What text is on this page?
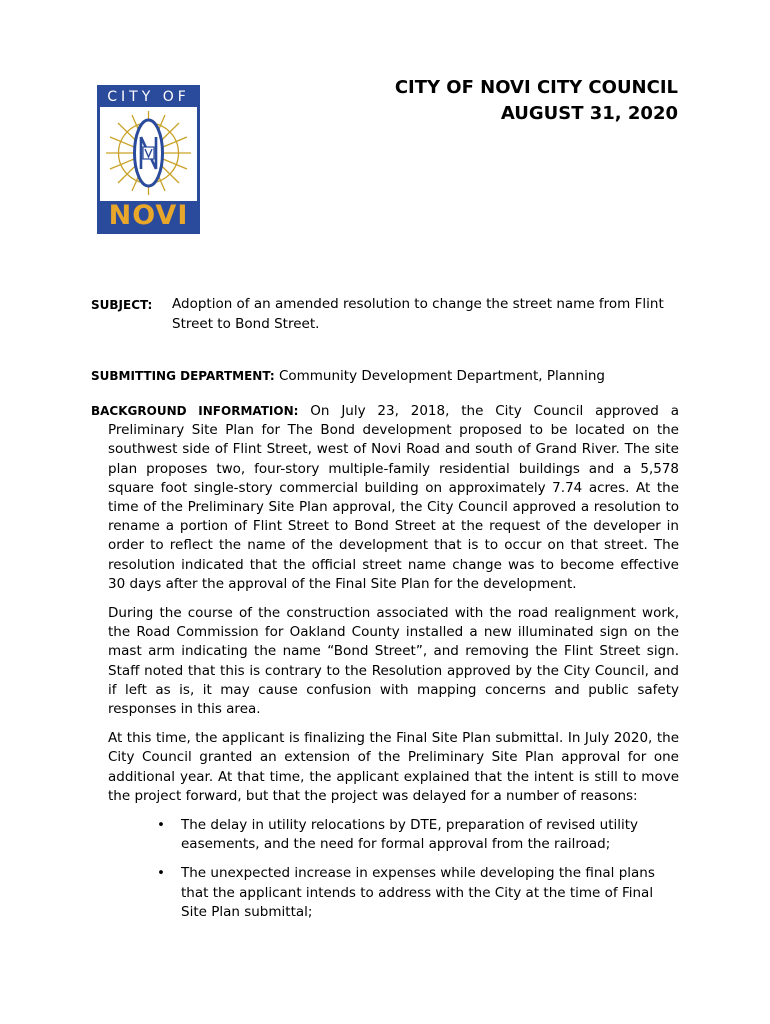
CITY OF
NOVI
CITY OF NOVI CITY COUNCIL
AUGUST 31, 2020
SUBJECT: Adoption of an amended resolution to change the street name from Flint Street to Bond Street.
SUBMITTING DEPARTMENT: Community Development Department, Planning

BACKGROUND INFORMATION: On July 23, 2018, the City Council approved a Preliminary Site Plan for The Bond development proposed to be located on the southwest side of Flint Street, west of Novi Road and south of Grand River. The site plan proposes two, four-story multiple-family residential buildings and a 5,578 square foot single-story commercial building on approximately 7.74 acres. At the time of the Preliminary Site Plan approval, the City Council approved a resolution to rename a portion of Flint Street to Bond Street at the request of the developer in order to reflect the name of the development that is to occur on that street. The resolution indicated that the official street name change was to become effective 30 days after the approval of the Final Site Plan for the development.

During the course of the construction associated with the road realignment work, the Road Commission for Oakland County installed a new illuminated sign on the mast arm indicating the name “Bond Street”, and removing the Flint Street sign. Staff noted that this is contrary to the Resolution approved by the City Council, and if left as is, it may cause confusion with mapping concerns and public safety responses in this area.

At this time, the applicant is finalizing the Final Site Plan submittal. In July 2020, the City Council granted an extension of the Preliminary Site Plan approval for one additional year. At that time, the applicant explained that the intent is still to move the project forward, but that the project was delayed for a number of reasons:

• The delay in utility relocations by DTE, preparation of revised utility easements, and the need for formal approval from the railroad;
• The unexpected increase in expenses while developing the final plans that the applicant intends to address with the City at the time of Final Site Plan submittal;
